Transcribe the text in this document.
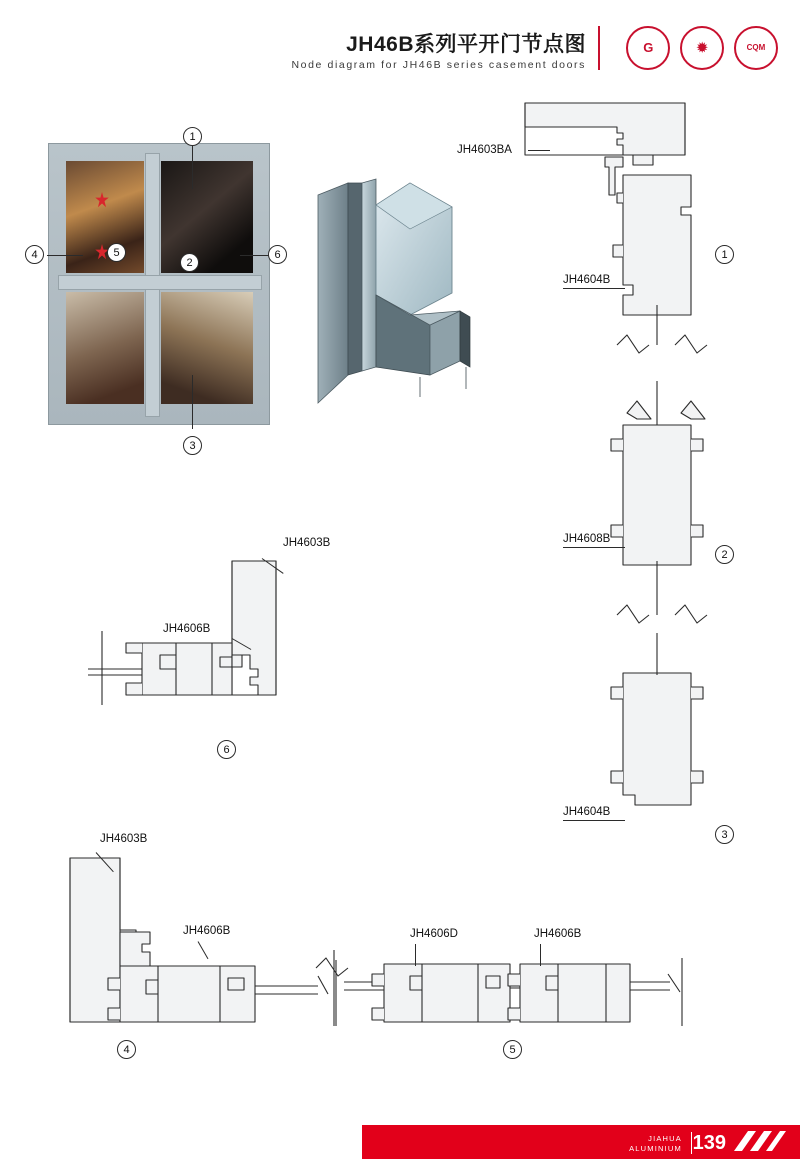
JH46B系列平开门节点图
Node diagram for JH46B series casement doors
G	✹	CQM
1
4	6
5
2
3
JH4603BA
JH4604B
JH4608B
JH4604B
1
2
3
JH4603B
JH4606B
6
JH4603B
JH4606B
4
JH4606D	JH4606B
5
JIAHUA
ALUMINIUM 139
